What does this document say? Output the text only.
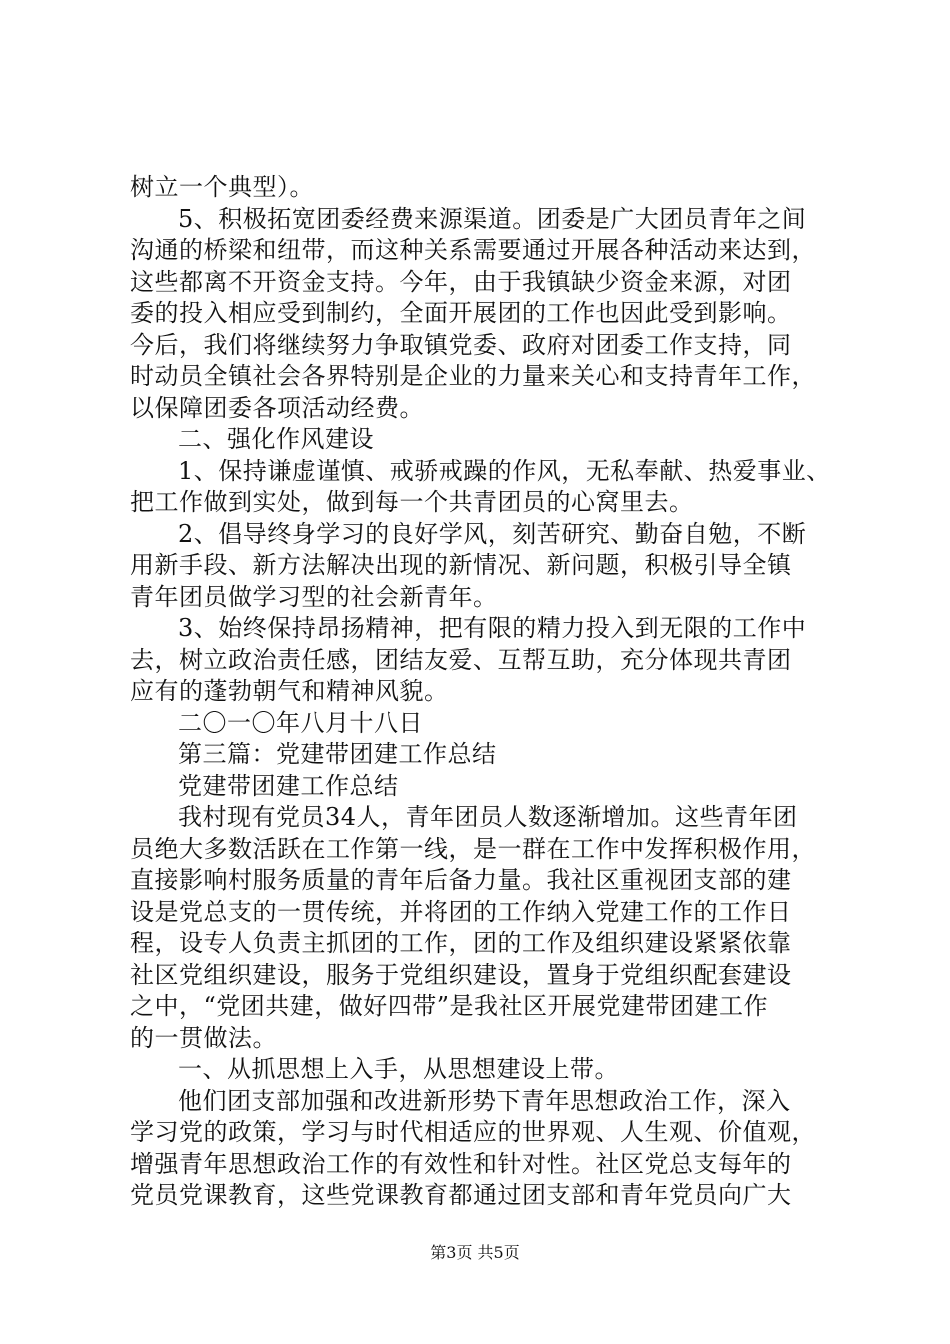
树立一个典型）。
5、积极拓宽团委经费来源渠道。团委是广大团员青年之间
沟通的桥梁和纽带，而这种关系需要通过开展各种活动来达到，
这些都离不开资金支持。今年，由于我镇缺少资金来源，对团
委的投入相应受到制约，全面开展团的工作也因此受到影响。
今后，我们将继续努力争取镇党委、政府对团委工作支持，同
时动员全镇社会各界特别是企业的力量来关心和支持青年工作，
以保障团委各项活动经费。
二、强化作风建设
1、保持谦虚谨慎、戒骄戒躁的作风，无私奉献、热爱事业、
把工作做到实处，做到每一个共青团员的心窝里去。
2、倡导终身学习的良好学风，刻苦研究、勤奋自勉，不断
用新手段、新方法解决出现的新情况、新问题，积极引导全镇
青年团员做学习型的社会新青年。
3、始终保持昂扬精神，把有限的精力投入到无限的工作中
去，树立政治责任感，团结友爱、互帮互助，充分体现共青团
应有的蓬勃朝气和精神风貌。
二〇一〇年八月十八日
第三篇：党建带团建工作总结
党建带团建工作总结
我村现有党员34人，青年团员人数逐渐增加。这些青年团
员绝大多数活跃在工作第一线，是一群在工作中发挥积极作用，
直接影响村服务质量的青年后备力量。我社区重视团支部的建
设是党总支的一贯传统，并将团的工作纳入党建工作的工作日
程，设专人负责主抓团的工作，团的工作及组织建设紧紧依靠
社区党组织建设，服务于党组织建设，置身于党组织配套建设
之中，“党团共建，做好四带”是我社区开展党建带团建工作
的一贯做法。
一、从抓思想上入手，从思想建设上带。
他们团支部加强和改进新形势下青年思想政治工作，深入
学习党的政策，学习与时代相适应的世界观、人生观、价值观，
增强青年思想政治工作的有效性和针对性。社区党总支每年的
党员党课教育，这些党课教育都通过团支部和青年党员向广大
第3页 共5页
